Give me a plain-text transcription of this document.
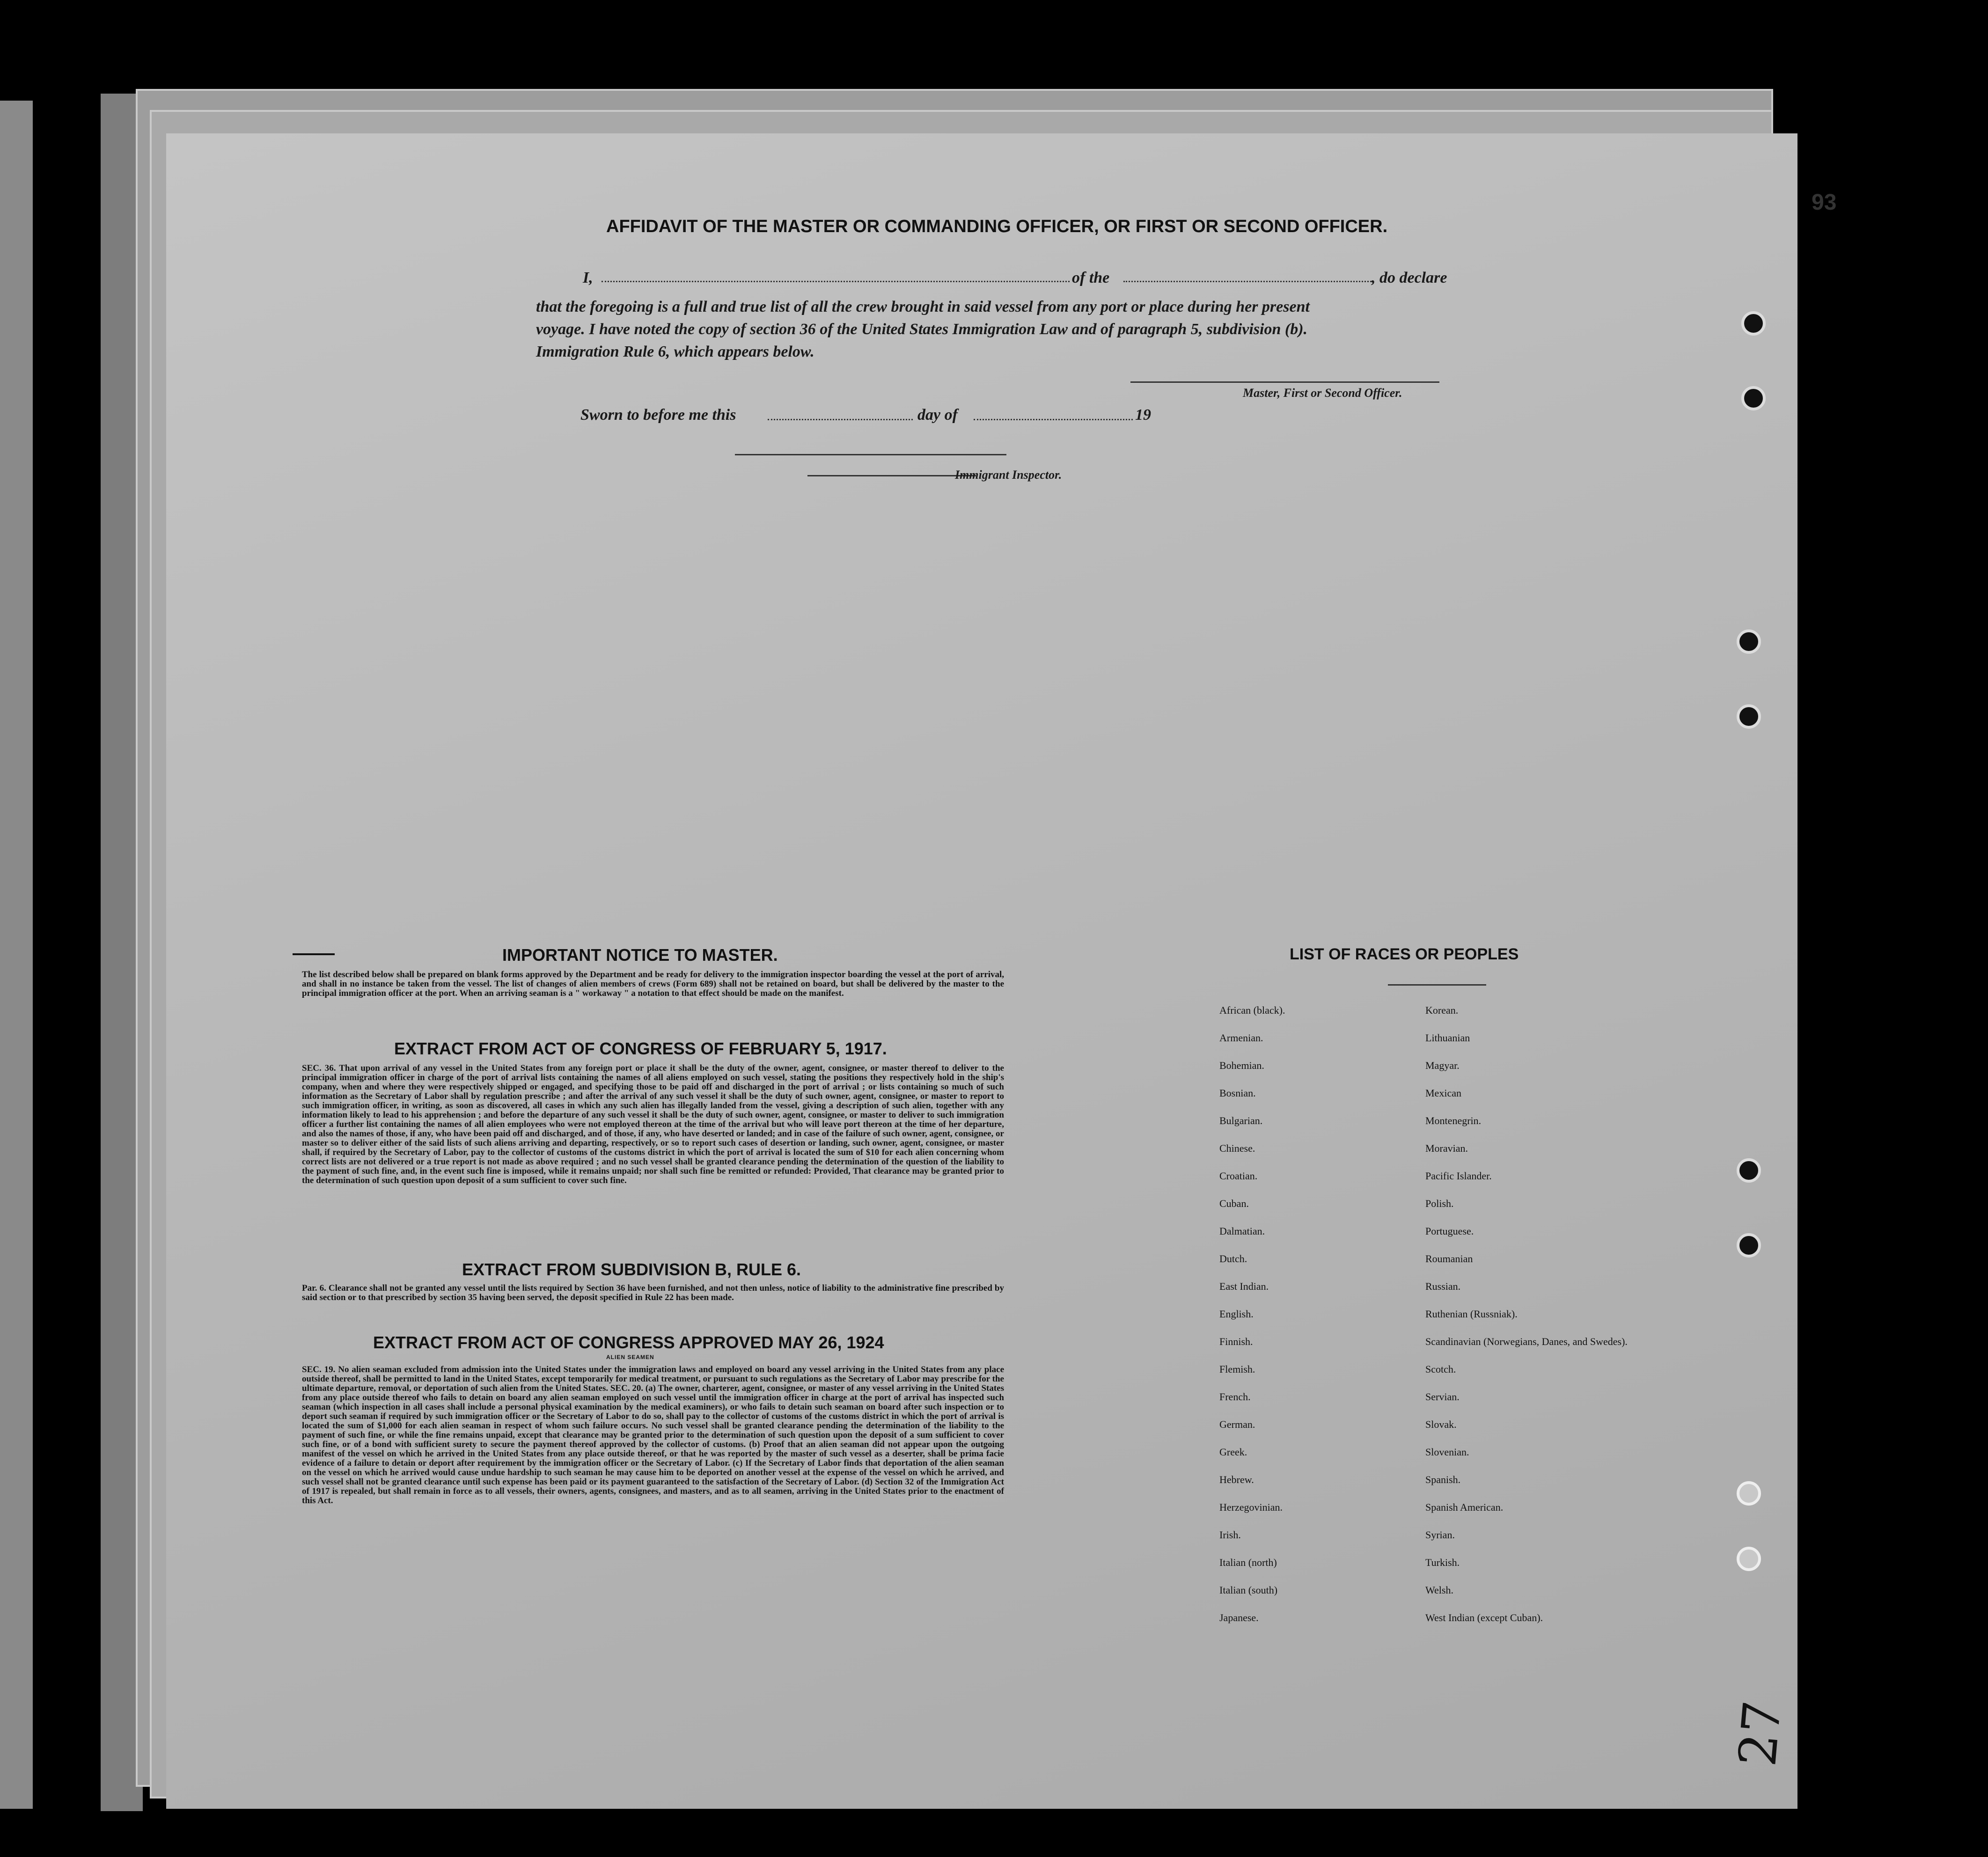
93
AFFIDAVIT OF THE MASTER OR COMMANDING OFFICER, OR FIRST OR SECOND OFFICER.
I,	of the	, do declare
that the foregoing is a full and true list of all the crew brought in said vessel from any port or place during her present
voyage. I have noted the copy of section 36 of the United States Immigration Law and of paragraph 5, subdivision (b).
Immigration Rule 6, which appears below.
Master, First or Second Officer.
Sworn to before me this	day of	19
Immigrant Inspector.
IMPORTANT NOTICE TO MASTER.
The list described below shall be prepared on blank forms approved by the Department and be ready for delivery to the immigration inspector boarding the vessel at the port of arrival, and shall in no instance be taken from the vessel. The list of changes of alien members of crews (Form 689) shall not be retained on board, but shall be delivered by the master to the principal immigration officer at the port. When an arriving seaman is a " workaway " a notation to that effect should be made on the manifest.
EXTRACT FROM ACT OF CONGRESS OF FEBRUARY 5, 1917.
SEC. 36. That upon arrival of any vessel in the United States from any foreign port or place it shall be the duty of the owner, agent, consignee, or master thereof to deliver to the principal immigration officer in charge of the port of arrival lists containing the names of all aliens employed on such vessel, stating the positions they respectively hold in the ship's company, when and where they were respectively shipped or engaged, and specifying those to be paid off and discharged in the port of arrival ; or lists containing so much of such information as the Secretary of Labor shall by regulation prescribe ; and after the arrival of any such vessel it shall be the duty of such owner, agent, consignee, or master to report to such immigration officer, in writing, as soon as discovered, all cases in which any such alien has illegally landed from the vessel, giving a description of such alien, together with any information likely to lead to his apprehension ; and before the departure of any such vessel it shall be the duty of such owner, agent, consignee, or master to deliver to such immigration officer a further list containing the names of all alien employees who were not employed thereon at the time of the arrival but who will leave port thereon at the time of her departure, and also the names of those, if any, who have been paid off and discharged, and of those, if any, who have deserted or landed; and in case of the failure of such owner, agent, consignee, or master so to deliver either of the said lists of such aliens arriving and departing, respectively, or so to report such cases of desertion or landing, such owner, agent, consignee, or master shall, if required by the Secretary of Labor, pay to the collector of customs of the customs district in which the port of arrival is located the sum of $10 for each alien concerning whom correct lists are not delivered or a true report is not made as above required ; and no such vessel shall be granted clearance pending the determination of the question of the liability to the payment of such fine, and, in the event such fine is imposed, while it remains unpaid; nor shall such fine be remitted or refunded: Provided, That clearance may be granted prior to the determination of such question upon deposit of a sum sufficient to cover such fine.
EXTRACT FROM SUBDIVISION B, RULE 6.
Par. 6. Clearance shall not be granted any vessel until the lists required by Section 36 have been furnished, and not then unless, notice of liability to the administrative fine prescribed by said section or to that prescribed by section 35 having been served, the deposit specified in Rule 22 has been made.
EXTRACT FROM ACT OF CONGRESS APPROVED MAY 26, 1924
ALIEN SEAMEN
SEC. 19. No alien seaman excluded from admission into the United States under the immigration laws and employed on board any vessel arriving in the United States from any place outside thereof, shall be permitted to land in the United States, except temporarily for medical treatment, or pursuant to such regulations as the Secretary of Labor may prescribe for the ultimate departure, removal, or deportation of such alien from the United States. SEC. 20. (a) The owner, charterer, agent, consignee, or master of any vessel arriving in the United States from any place outside thereof who fails to detain on board any alien seaman employed on such vessel until the immigration officer in charge at the port of arrival has inspected such seaman (which inspection in all cases shall include a personal physical examination by the medical examiners), or who fails to detain such seaman on board after such inspection or to deport such seaman if required by such immigration officer or the Secretary of Labor to do so, shall pay to the collector of customs of the customs district in which the port of arrival is located the sum of $1,000 for each alien seaman in respect of whom such failure occurs. No such vessel shall be granted clearance pending the determination of the liability to the payment of such fine, or while the fine remains unpaid, except that clearance may be granted prior to the determination of such question upon the deposit of a sum sufficient to cover such fine, or of a bond with sufficient surety to secure the payment thereof approved by the collector of customs. (b) Proof that an alien seaman did not appear upon the outgoing manifest of the vessel on which he arrived in the United States from any place outside thereof, or that he was reported by the master of such vessel as a deserter, shall be prima facie evidence of a failure to detain or deport after requirement by the immigration officer or the Secretary of Labor. (c) If the Secretary of Labor finds that deportation of the alien seaman on the vessel on which he arrived would cause undue hardship to such seaman he may cause him to be deported on another vessel at the expense of the vessel on which he arrived, and such vessel shall not be granted clearance until such expense has been paid or its payment guaranteed to the satisfaction of the Secretary of Labor. (d) Section 32 of the Immigration Act of 1917 is repealed, but shall remain in force as to all vessels, their owners, agents, consignees, and masters, and as to all seamen, arriving in the United States prior to the enactment of this Act.
LIST OF RACES OR PEOPLES
African (black).
Armenian.
Bohemian.
Bosnian.
Bulgarian.
Chinese.
Croatian.
Cuban.
Dalmatian.
Dutch.
East Indian.
English.
Finnish.
Flemish.
French.
German.
Greek.
Hebrew.
Herzegovinian.
Irish.
Italian (north)
Italian (south)
Japanese.
Korean.
Lithuanian
Magyar.
Mexican
Montenegrin.
Moravian.
Pacific Islander.
Polish.
Portuguese.
Roumanian
Russian.
Ruthenian (Russniak).
Scandinavian (Norwegians, Danes, and Swedes).
Scotch.
Servian.
Slovak.
Slovenian.
Spanish.
Spanish American.
Syrian.
Turkish.
Welsh.
West Indian (except Cuban).
27
